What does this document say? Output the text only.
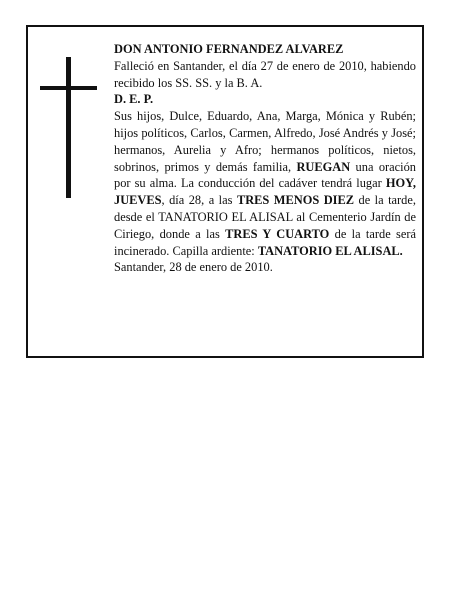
DON ANTONIO FERNANDEZ ALVAREZ

Falleció en Santander, el día 27 de enero de 2010, habiendo recibido los SS. SS. y la B. A.

D. E. P.

Sus hijos, Dulce, Eduardo, Ana, Marga, Mónica y Rubén; hijos políticos, Carlos, Carmen, Alfredo, José Andrés y José; hermanos, Aurelia y Afro; hermanos políticos, nietos, sobrinos, primos y demás familia, RUEGAN una oración por su alma. La conducción del cadáver tendrá lugar HOY, JUEVES, día 28, a las TRES MENOS DIEZ de la tarde, desde el TANATORIO EL ALISAL al Cementerio Jardín de Ciriego, donde a las TRES Y CUARTO de la tarde será incinerado. Capilla ardiente: TANATORIO EL ALISAL.

Santander, 28 de enero de 2010.
